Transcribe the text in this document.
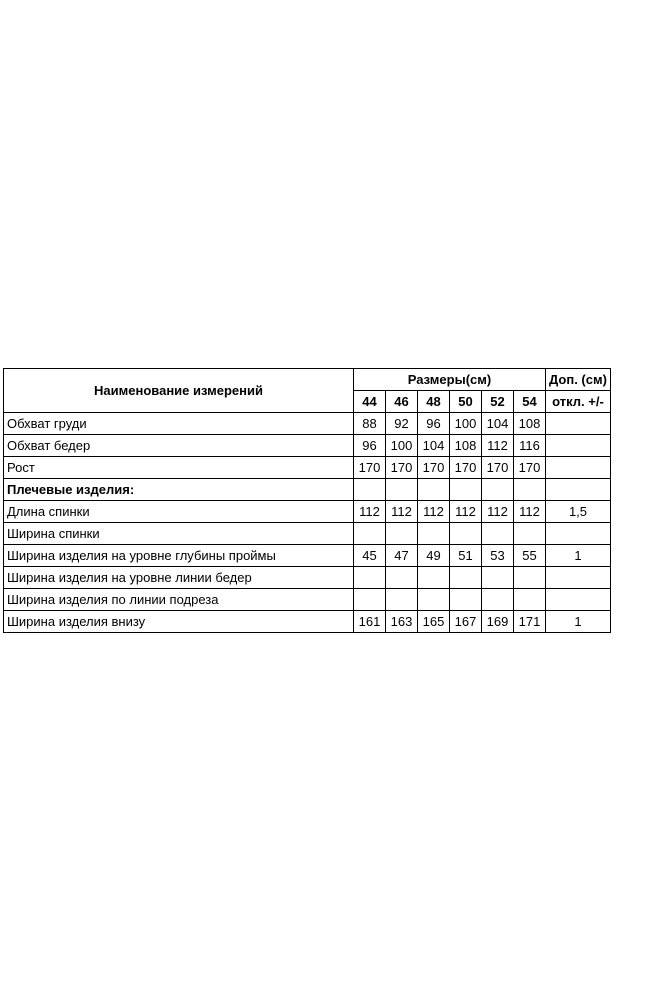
Наименование измерений	Размеры(см)						Доп. (см)
	44	46	48	50	52	54	откл. +/-
Обхват груди	88	92	96	100	104	108	
Обхват бедер	96	100	104	108	112	116	
Рост	170	170	170	170	170	170	
Плечевые изделия:							
Длина спинки	112	112	112	112	112	112	1,5
Ширина спинки							
Ширина изделия на уровне глубины проймы	45	47	49	51	53	55	1
Ширина изделия на уровне линии бедер							
Ширина изделия по линии подреза							
Ширина изделия внизу	161	163	165	167	169	171	1
